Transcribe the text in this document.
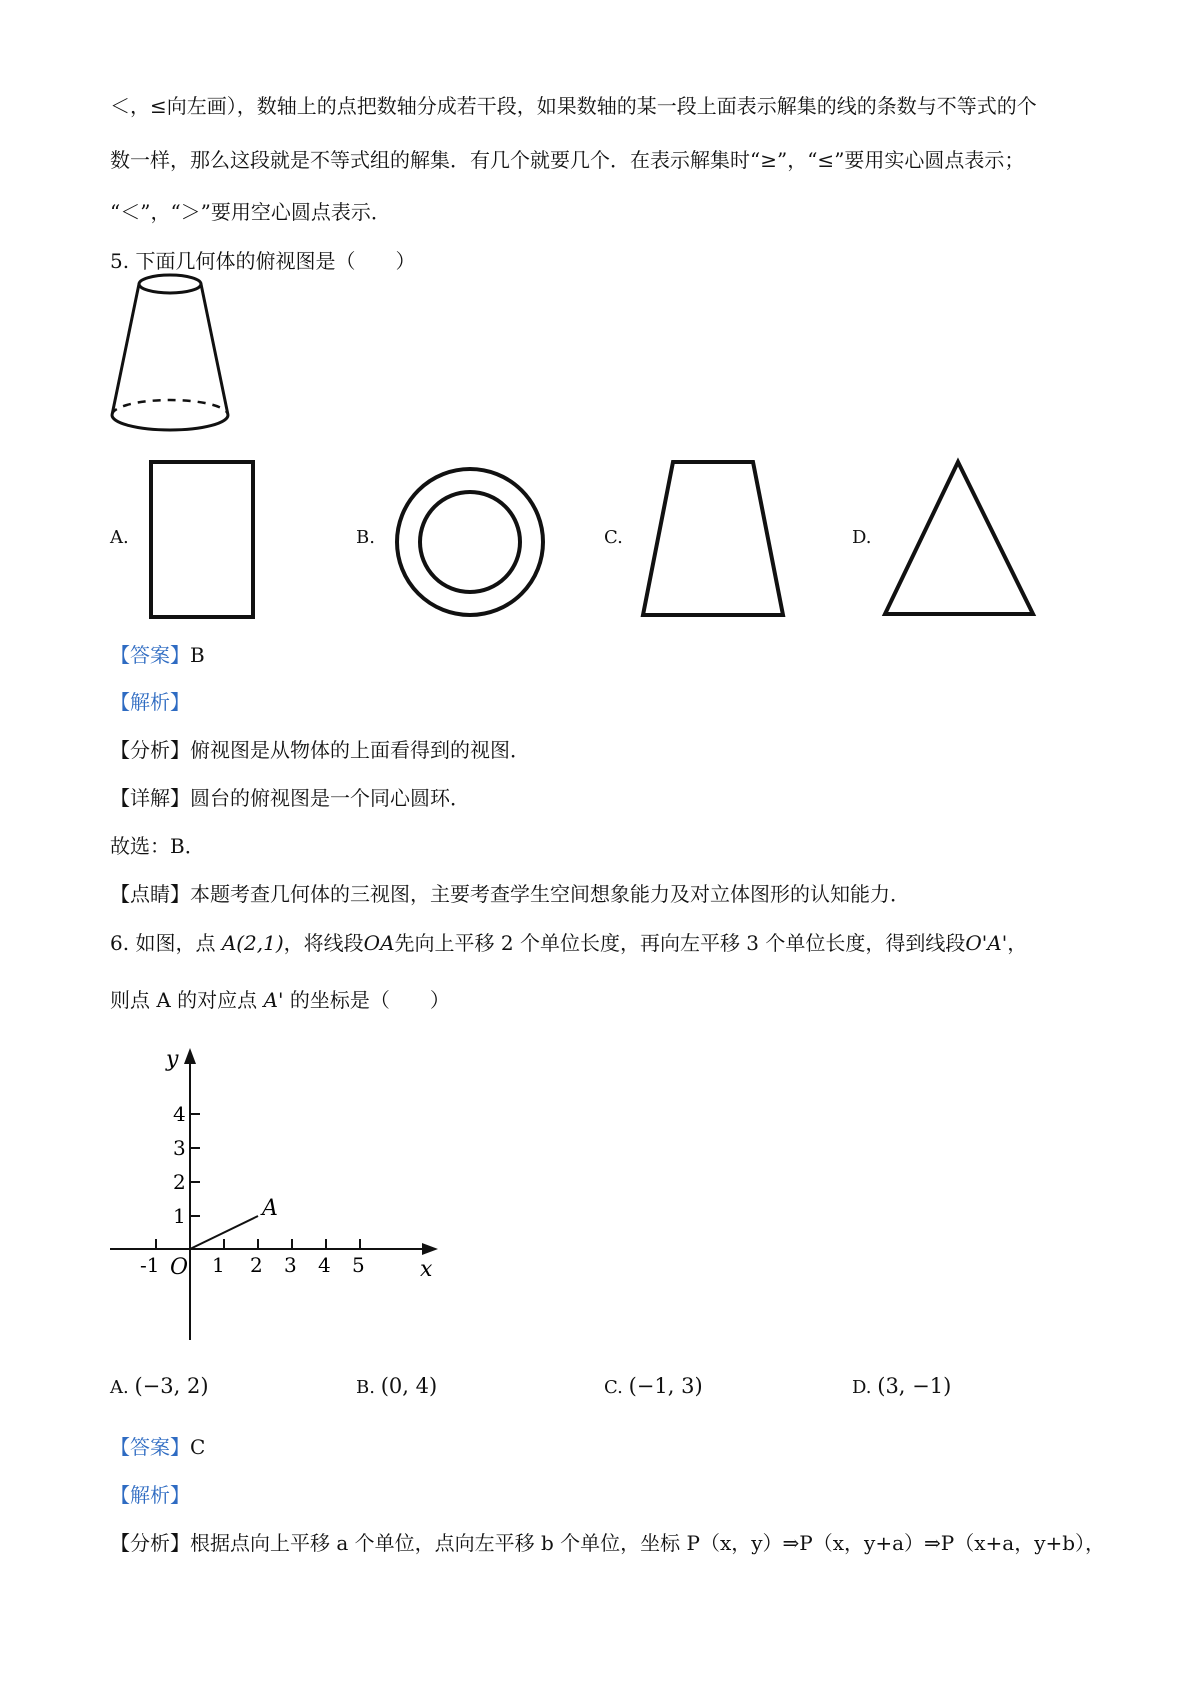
＜，≤向左画），数轴上的点把数轴分成若干段，如果数轴的某一段上面表示解集的线的条数与不等式的个
数一样，那么这段就是不等式组的解集．有几个就要几个．在表示解集时“≥”，“≤”要用实心圆点表示；
“＜”，“＞”要用空心圆点表示．
5. 下面几何体的俯视图是（　　）
A.	B.	C.	D.
【答案】B
【解析】
【分析】俯视图是从物体的上面看得到的视图．
【详解】圆台的俯视图是一个同心圆环．
故选：B．
【点睛】本题考查几何体的三视图，主要考查学生空间想象能力及对立体图形的认知能力．
6. 如图，点 A(2,1)，将线段OA先向上平移 2 个单位长度，再向左平移 3 个单位长度，得到线段O'A'，
则点 A 的对应点 A' 的坐标是（　　）
y
x
O
1
2
3
4
-1	1 2 3 4 5
A
A. (−3, 2)	B. (0, 4)	C. (−1, 3)	D. (3, −1)
【答案】C
【解析】
【分析】根据点向上平移 a 个单位，点向左平移 b 个单位，坐标 P（x，y）⇒P（x，y+a）⇒P（x+a，y+b），
